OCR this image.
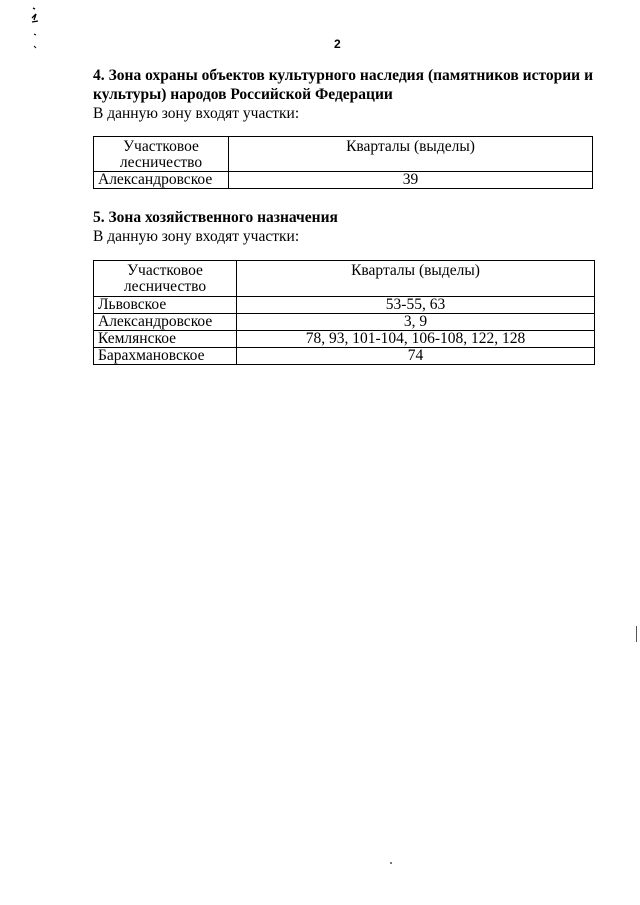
2

4. Зона охраны объектов культурного наследия (памятников истории и культуры) народов Российской Федерации

В данную зону входят участки:

Участковое лесничество	Кварталы (выделы)
Александровское	39

5. Зона хозяйственного назначения

В данную зону входят участки:

Участковое лесничество	Кварталы (выделы)
Львовское	53-55, 63
Александровское	3, 9
Кемлянское	78, 93, 101-104, 106-108, 122, 128
Барахмановское	74
